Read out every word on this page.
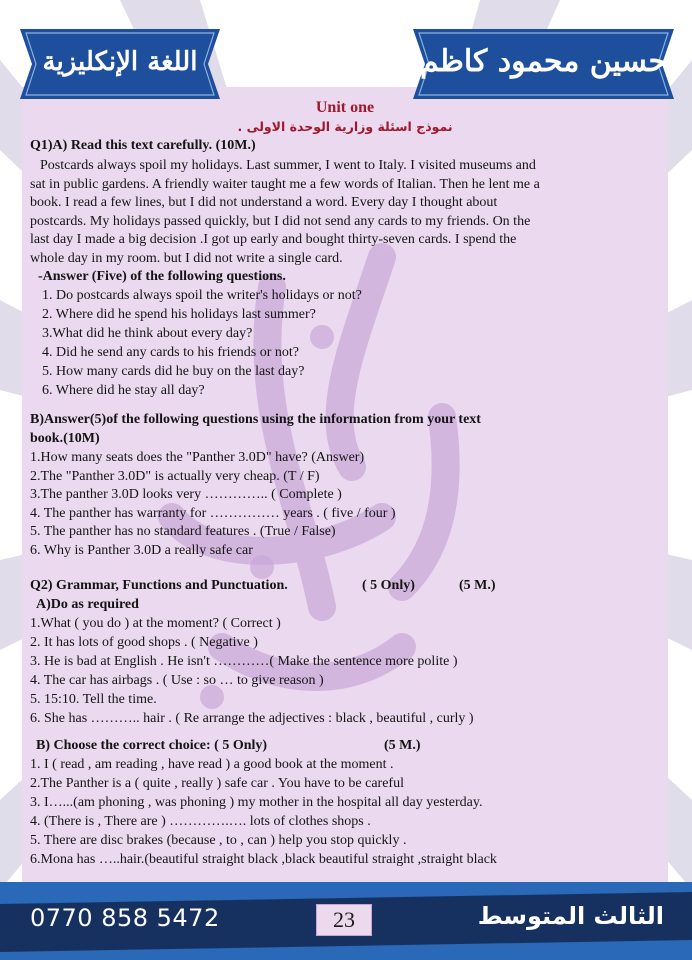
اللغة الإنكليزية	حسين محمود كاظم
Unit one
نموذج اسئلة وزارية الوحدة الاولى .
Q1)A) Read this text carefully. (10M.)
Postcards always spoil my holidays. Last summer, I went to Italy. I visited museums and
sat in public gardens. A friendly waiter taught me a few words of Italian. Then he lent me a
book. I read a few lines, but I did not understand a word. Every day I thought about
postcards. My holidays passed quickly, but I did not send any cards to my friends. On the
last day I made a big decision .I got up early and bought thirty-seven cards. I spend the
whole day in my room. but I did not write a single card.
-Answer (Five) of the following questions.
1. Do postcards always spoil the writer's holidays or not?
2. Where did he spend his holidays last summer?
3.What did he think about every day?
4. Did he send any cards to his friends or not?
5. How many cards did he buy on the last day?
6. Where did he stay all day?
B)Answer(5)of the following questions using the information from your text
book.(10M)
1.How many seats does the "Panther 3.0D" have? (Answer)
2.The "Panther 3.0D" is actually very cheap. (T / F)
3.The panther 3.0D looks very ………….. ( Complete )
4. The panther has warranty for …………… years . ( five / four )
5. The panther has no standard features . (True / False)
6. Why is Panther 3.0D a really safe car
Q2) Grammar, Functions and Punctuation.	( 5 Only)	(5 M.)
A)Do as required
1.What ( you do ) at the moment? ( Correct )
2. It has lots of good shops . ( Negative )
3. He is bad at English . He isn't …………( Make the sentence more polite )
4. The car has airbags . ( Use : so … to give reason )
5. 15:10. Tell the time.
6. She has ……….. hair . ( Re arrange the adjectives : black , beautiful , curly )
B) Choose the correct choice: ( 5 Only)	(5 M.)
1. I ( read , am reading , have read ) a good book at the moment .
2.The Panther is a ( quite , really ) safe car . You have to be careful
3. I…...(am phoning , was phoning ) my mother in the hospital all day yesterday.
4. (There is , There are ) ………….…. lots of clothes shops .
5. There are disc brakes (because , to , can ) help you stop quickly .
6.Mona has …..hair.(beautiful straight black ,black beautiful straight ,straight black
0770 858 5472	23	الثالث المتوسط
